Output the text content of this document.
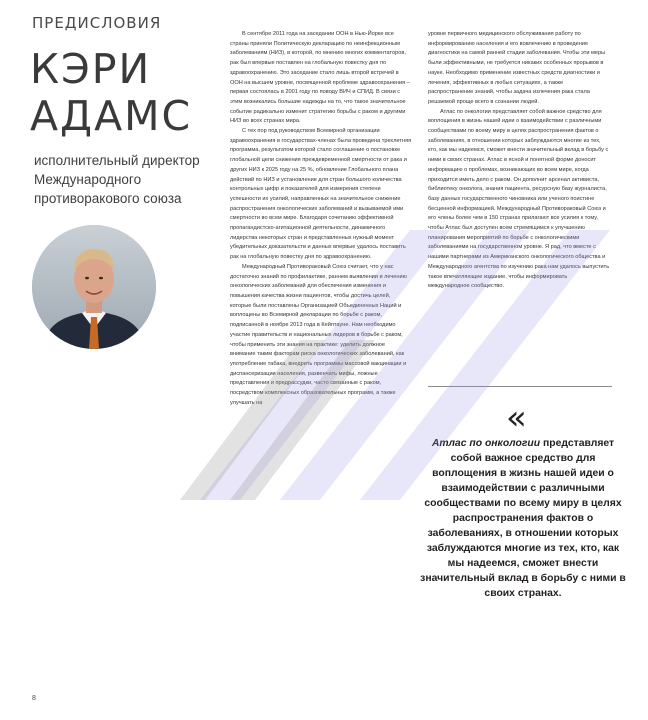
ПРЕДИСЛОВИЯ
КЭРИ АДАМС
исполнительный директор Международного противоракового союза

В сентябре 2011 года на заседании ООН в Нью-Йорке все страны приняли Политическую декларацию по неинфекционным заболеваниям (НИЗ), в которой, по мнению многих комментаторов, рак был впервые поставлен на глобальную повестку дня по здравоохранению. Это заседание стало лишь второй встречей в ООН на высшем уровне, посвященной проблеме здравоохранения – первая состоялась в 2001 году по поводу ВИЧ и СПИД. В связи с этим возникались большие надежды на то, что такое значительное событие радикально изменит стратегию борьбы с раком и другими НИЗ во всех странах мира.

С тех пор под руководством Всемирной организации здравоохранения в государствах-членах была проведена трехлетняя программа, результатом которой стало соглашение о постановке глобальной цели снижения преждевременной смертности от рака и других НИЗ к 2025 году на 25 %, обновление Глобального плана действий по НИЗ и установление для стран большого количества контрольных цифр и показателей для измерения степени успешности их усилий, направленных на значительное снижение распространения онкологических заболеваний и вызываемой ими смертности во всем мире. Благодаря сочетанию эффективной пропагандистско-агитационной деятельности, динамичного лидерства некоторых стран и представленных нужный момент убедительных доказательств и данных впервые удалось поставить рак на глобальную повестку дня по здравоохранению.

Международный Противораковый Союз считает, что у нас достаточно знаний по профилактике, раннем выявлении и лечению онкологических заболеваний для обеспечения изменения и повышения качества жизни пациентов, чтобы достичь целей, которые были поставлены Организацией Объединенных Наций и воплощены во Всемирной декларации по борьбе с раком, подписанной в ноябре 2013 года в Кейптауне. Нам необходимо участие правительств и национальных лидеров в борьбе с раком, чтобы применить эти знания на практике: уделить должное внимание таким факторам риска онкологических заболеваний, как употребление табака, внедрить программы массовой вакцинации и диспансеризации населения, развенчать мифы, ложные представления и предрассудки, часто связанные с раком, посредством комплексных образовательных программ, а также улучшать на

уровне первичного медицинского обслуживания работу по информированию населения и его вовлечению в проведение диагностики на самой ранней стадии заболевания. Чтобы эти меры были эффективными, не требуется никаких особенных прорывов в науке. Необходимо применение известных средств диагностики и лечения, эффективных в любых ситуациях, а также распространение знаний, чтобы задача излечения рака стала решаемой проще всего в сознании людей.

Атлас по онкологии представляет собой важное средство для воплощения в жизнь нашей идеи о взаимодействии с различными сообществами по всему миру в целях распространения фактов о заболеваниях, в отношении которых заблуждаются многие из тех, кто, как мы надеемся, сможет внести значительный вклад в борьбу с ними в своих странах. Атлас в ясной и понятной форме доносит информацию о проблемах, возникающих во всем мире, когда приходится иметь дело с раком. Он дополнит арсенал активиста, библиотеку онколога, знания пациента, ресурсную базу журналиста, базу данных государственного чиновника или ученого поистине бесценной информацией. Международный Противораковый Союз и его члены более чем в 150 странах прилагают все усилия к тому, чтобы Атлас был доступен всем стремящимся к улучшению планирования мероприятий по борьбе с онкологическими заболеваниями на государственном уровне. Я рад, что вместе с нашими партнерами из Американского онкологического общества и Международного агентства по изучению рака нам удалось выпустить такое впечатляющее издание, чтобы информировать международное сообщество.

«
Атлас по онкологии представляет собой важное средство для воплощения в жизнь нашей идеи о взаимодействии с различными сообществами по всему миру в целях распространения фактов о заболеваниях, в отношении которых заблуждаются многие из тех, кто, как мы надеемся, сможет внести значительный вклад в борьбу с ними в своих странах.
8
